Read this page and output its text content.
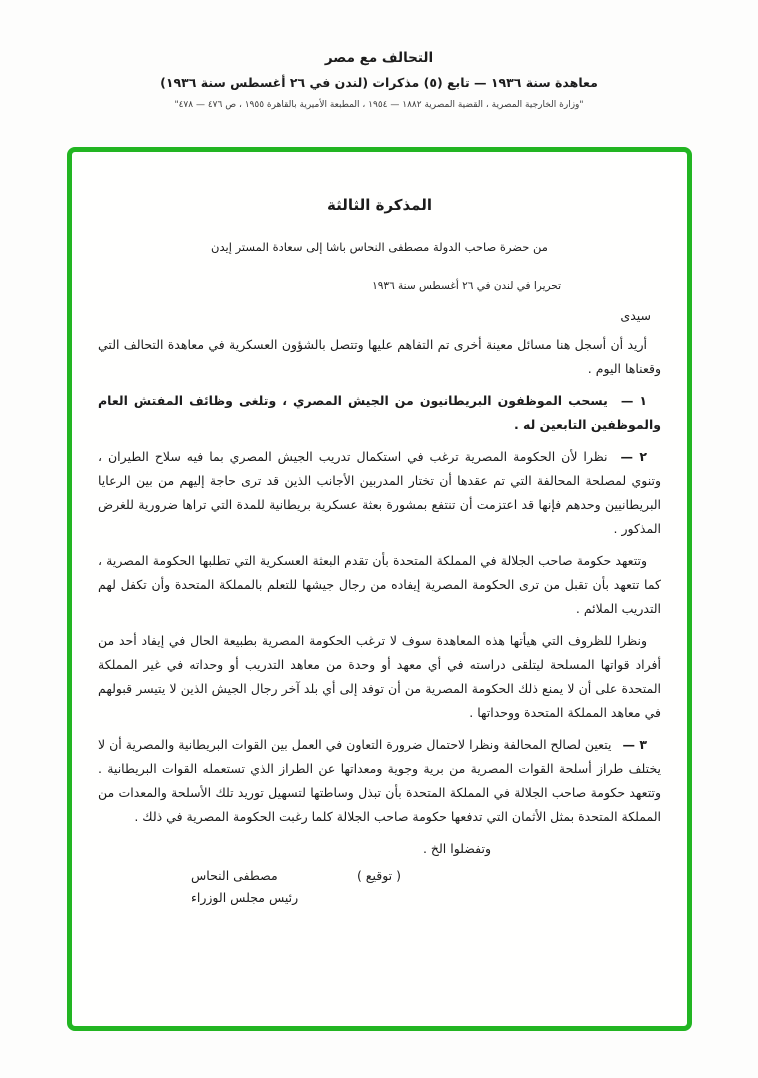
التحالف مع مصر
معاهدة سنة ١٩٣٦ — تابع (٥) مذكرات (لندن في ٢٦ أغسطس سنة ١٩٣٦)
"وزارة الخارجية المصرية ، القضية المصرية ١٨٨٢ — ١٩٥٤ ، المطبعة الأميرية بالقاهرة ١٩٥٥ ، ص ٤٧٦ — ٤٧٨"
المذكرة الثالثة
من حضرة صاحب الدولة مصطفى النحاس باشا إلى سعادة المستر إيدن
تحريرا في لندن في ٢٦ أغسطس سنة ١٩٣٦
سيدى

أريد أن أسجل هنا مسائل معينة أخرى تم التفاهم عليها وتتصل بالشؤون العسكرية في معاهدة التحالف التي وقعناها اليوم .

١ — يسحب الموظفون البريطانيون من الجيش المصري ، وتلغى وظائف المفتش العام والموظفين التابعين له .

٢ — نظرا لأن الحكومة المصرية ترغب في استكمال تدريب الجيش المصري بما فيه سلاح الطيران ، وتنوي لمصلحة المحالفة التي تم عقدها أن تختار المدربين الأجانب الذين قد ترى حاجة إليهم من بين الرعايا البريطانيين وحدهم فإنها قد اعتزمت أن تنتفع بمشورة بعثة عسكرية بريطانية للمدة التي تراها ضرورية للغرض المذكور .

وتتعهد حكومة صاحب الجلالة في المملكة المتحدة بأن تقدم البعثة العسكرية التي تطلبها الحكومة المصرية ، كما تتعهد بأن تقبل من ترى الحكومة المصرية إيفاده من رجال جيشها للتعلم بالمملكة المتحدة وأن تكفل لهم التدريب الملائم .

ونظرا للظروف التي هيأتها هذه المعاهدة سوف لا ترغب الحكومة المصرية بطبيعة الحال في إيفاد أحد من أفراد قواتها المسلحة ليتلقى دراسته في أي معهد أو وحدة من معاهد التدريب أو وحداته في غير المملكة المتحدة على أن لا يمنع ذلك الحكومة المصرية من أن توفد إلى أي بلد آخر رجال الجيش الذين لا يتيسر قبولهم في معاهد المملكة المتحدة ووحداتها .

٣ — يتعين لصالح المحالفة ونظرا لاحتمال ضرورة التعاون في العمل بين القوات البريطانية والمصرية أن لا يختلف طراز أسلحة القوات المصرية من برية وجوية ومعداتها عن الطراز الذي تستعمله القوات البريطانية . وتتعهد حكومة صاحب الجلالة في المملكة المتحدة بأن تبذل وساطتها لتسهيل توريد تلك الأسلحة والمعدات من المملكة المتحدة بمثل الأثمان التي تدفعها حكومة صاحب الجلالة كلما رغبت الحكومة المصرية في ذلك .

وتفضلوا الخ .
( توقيع )
مصطفى النحاس
رئيس مجلس الوزراء
